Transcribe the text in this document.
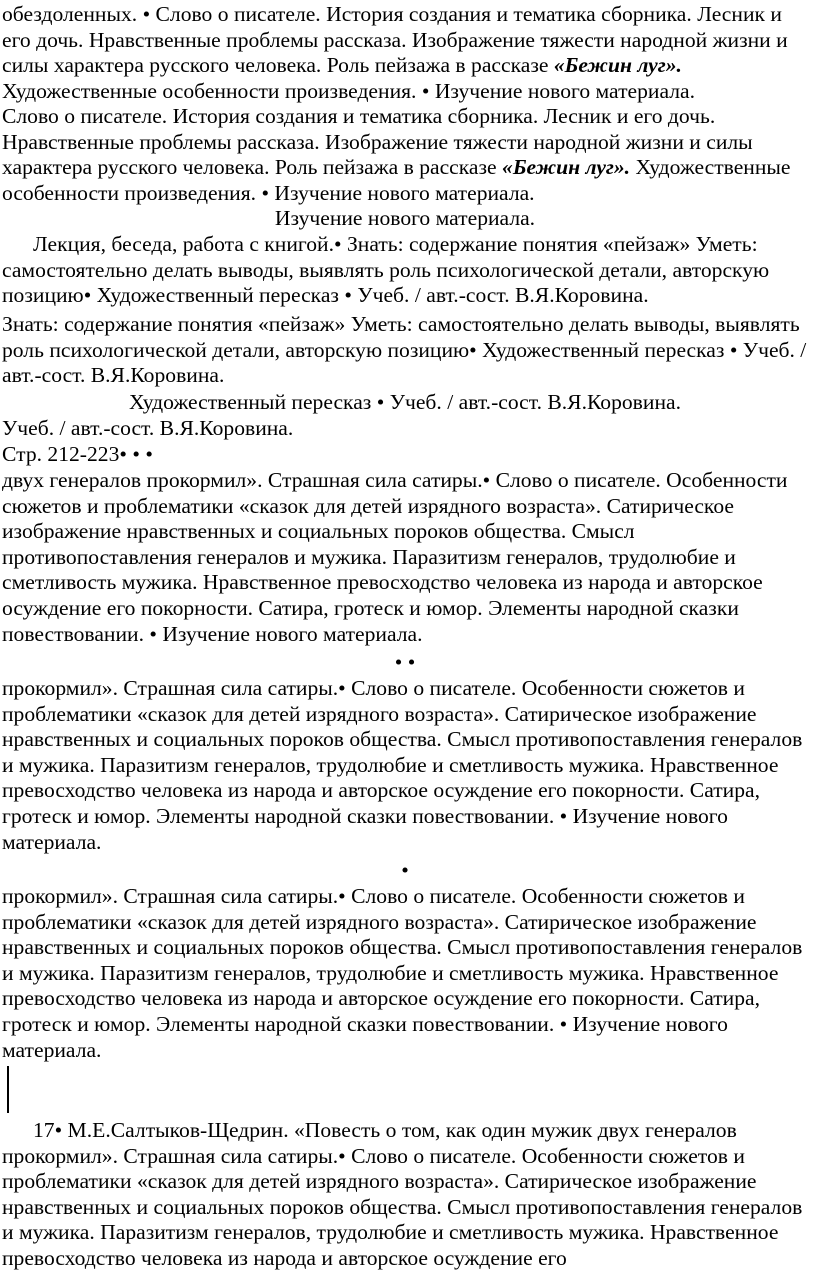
обездоленных. • Слово о писателе. История создания и тематика сборника. Лесник и его дочь. Нравственные проблемы рассказа. Изображение тяжести народной жизни и силы характера русского человека. Роль пейзажа в рассказе «Бежин луг». Художественные особенности произведения. • Изучение нового материала.

Слово о писателе. История создания и тематика сборника. Лесник и его дочь. Нравственные проблемы рассказа. Изображение тяжести народной жизни и силы характера русского человека. Роль пейзажа в рассказе «Бежин луг». Художественные особенности произведения. • Изучение нового материала.

Изучение нового материала.

Лекция, беседа, работа с книгой.• Знать: содержание понятия «пейзаж» Уметь: самостоятельно делать выводы, выявлять роль психологической детали, авторскую позицию• Художественный пересказ • Учеб. / авт.-сост. В.Я.Коровина.

Знать: содержание понятия «пейзаж» Уметь: самостоятельно делать выводы, выявлять роль психологической детали, авторскую позицию• Художественный пересказ • Учеб. / авт.-сост. В.Я.Коровина.

Художественный пересказ • Учеб. / авт.-сост. В.Я.Коровина.

Учеб. / авт.-сост. В.Я.Коровина.

Стр. 212-223• • •

двух генералов прокормил». Страшная сила сатиры.• Слово о писателе. Особенности сюжетов и проблематики «сказок для детей изрядного возраста». Сатирическое изображение нравственных и социальных пороков общества. Смысл противопоставления генералов и мужика. Паразитизм генералов, трудолюбие и сметливость мужика. Нравственное превосходство человека из народа и авторское осуждение его покорности. Сатира, гротеск и юмор. Элементы народной сказки повествовании. • Изучение нового материала.

• •

прокормил». Страшная сила сатиры.• Слово о писателе. Особенности сюжетов и проблематики «сказок для детей изрядного возраста». Сатирическое изображение нравственных и социальных пороков общества. Смысл противопоставления генералов и мужика. Паразитизм генералов, трудолюбие и сметливость мужика. Нравственное превосходство человека из народа и авторское осуждение его покорности. Сатира, гротеск и юмор. Элементы народной сказки повествовании. • Изучение нового материала.

•

прокормил». Страшная сила сатиры.• Слово о писателе. Особенности сюжетов и проблематики «сказок для детей изрядного возраста». Сатирическое изображение нравственных и социальных пороков общества. Смысл противопоставления генералов и мужика. Паразитизм генералов, трудолюбие и сметливость мужика. Нравственное превосходство человека из народа и авторское осуждение его покорности. Сатира, гротеск и юмор. Элементы народной сказки повествовании. • Изучение нового материала.

17• М.Е.Салтыков-Щедрин. «Повесть о том, как один мужик двух генералов прокормил». Страшная сила сатиры.• Слово о писателе. Особенности сюжетов и проблематики «сказок для детей изрядного возраста». Сатирическое изображение нравственных и социальных пороков общества. Смысл противопоставления генералов и мужика. Паразитизм генералов, трудолюбие и сметливость мужика. Нравственное превосходство человека из народа и авторское осуждение его
